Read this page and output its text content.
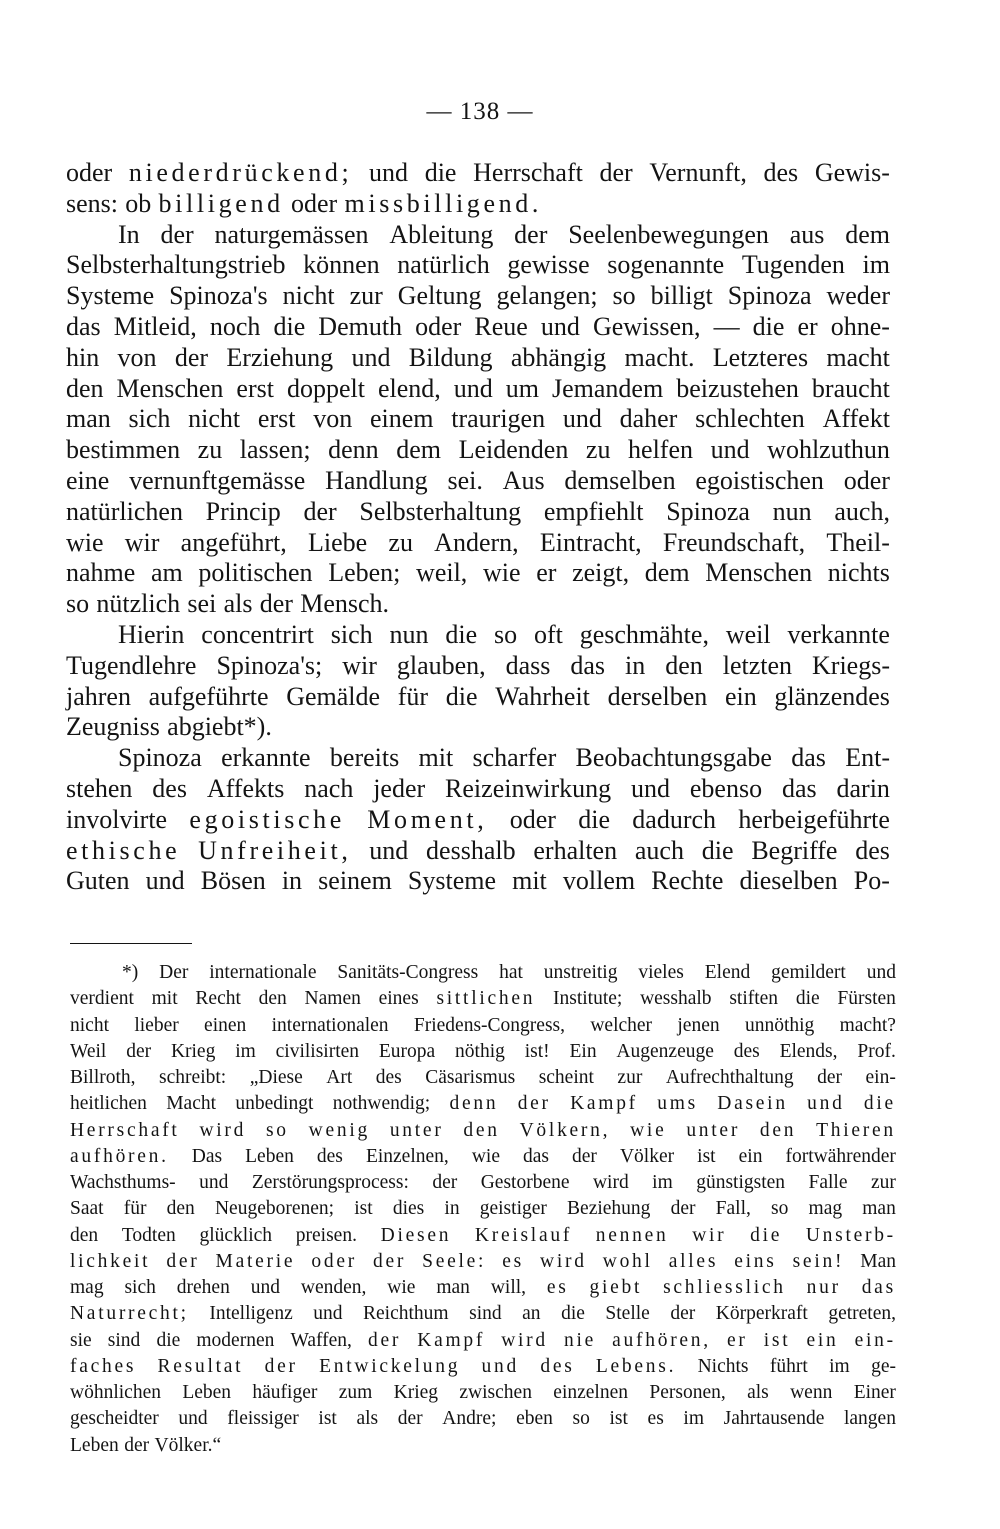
— 138 —
oder niederdrückend; und die Herrschaft der Vernunft, des Gewis-
sens: ob billigend oder missbilligend.
In der naturgemässen Ableitung der Seelenbewegungen aus dem
Selbsterhaltungstrieb können natürlich gewisse sogenannte Tugenden im
Systeme Spinoza's nicht zur Geltung gelangen; so billigt Spinoza weder
das Mitleid, noch die Demuth oder Reue und Gewissen, — die er ohne-
hin von der Erziehung und Bildung abhängig macht. Letzteres macht
den Menschen erst doppelt elend, und um Jemandem beizustehen braucht
man sich nicht erst von einem traurigen und daher schlechten Affekt
bestimmen zu lassen; denn dem Leidenden zu helfen und wohlzuthun
eine vernunftgemässe Handlung sei. Aus demselben egoistischen oder
natürlichen Princip der Selbsterhaltung empfiehlt Spinoza nun auch,
wie wir angeführt, Liebe zu Andern, Eintracht, Freundschaft, Theil-
nahme am politischen Leben; weil, wie er zeigt, dem Menschen nichts
so nützlich sei als der Mensch.
Hierin concentrirt sich nun die so oft geschmähte, weil verkannte
Tugendlehre Spinoza's; wir glauben, dass das in den letzten Kriegs-
jahren aufgeführte Gemälde für die Wahrheit derselben ein glänzendes
Zeugniss abgiebt*).
Spinoza erkannte bereits mit scharfer Beobachtungsgabe das Ent-
stehen des Affekts nach jeder Reizeinwirkung und ebenso das darin
involvirte egoistische Moment, oder die dadurch herbeigeführte
ethische Unfreiheit, und desshalb erhalten auch die Begriffe des
Guten und Bösen in seinem Systeme mit vollem Rechte dieselben Po-
*) Der internationale Sanitäts-Congress hat unstreitig vieles Elend gemildert und
verdient mit Recht den Namen eines sittlichen Institute; wesshalb stiften die Fürsten
nicht lieber einen internationalen Friedens-Congress, welcher jenen unnöthig macht?
Weil der Krieg im civilisirten Europa nöthig ist! Ein Augenzeuge des Elends, Prof.
Billroth, schreibt: „Diese Art des Cäsarismus scheint zur Aufrechthaltung der ein-
heitlichen Macht unbedingt nothwendig; denn der Kampf ums Dasein und die
Herrschaft wird so wenig unter den Völkern, wie unter den Thieren
aufhören. Das Leben des Einzelnen, wie das der Völker ist ein fortwährender
Wachsthums- und Zerstörungsprocess: der Gestorbene wird im günstigsten Falle zur
Saat für den Neugeborenen; ist dies in geistiger Beziehung der Fall, so mag man
den Todten glücklich preisen. Diesen Kreislauf nennen wir die Unsterb-
lichkeit der Materie oder der Seele: es wird wohl alles eins sein! Man
mag sich drehen und wenden, wie man will, es giebt schliesslich nur das
Naturrecht; Intelligenz und Reichthum sind an die Stelle der Körperkraft getreten,
sie sind die modernen Waffen, der Kampf wird nie aufhören, er ist ein ein-
faches Resultat der Entwickelung und des Lebens. Nichts führt im ge-
wöhnlichen Leben häufiger zum Krieg zwischen einzelnen Personen, als wenn Einer
gescheidter und fleissiger ist als der Andre; eben so ist es im Jahrtausende langen
Leben der Völker.“
